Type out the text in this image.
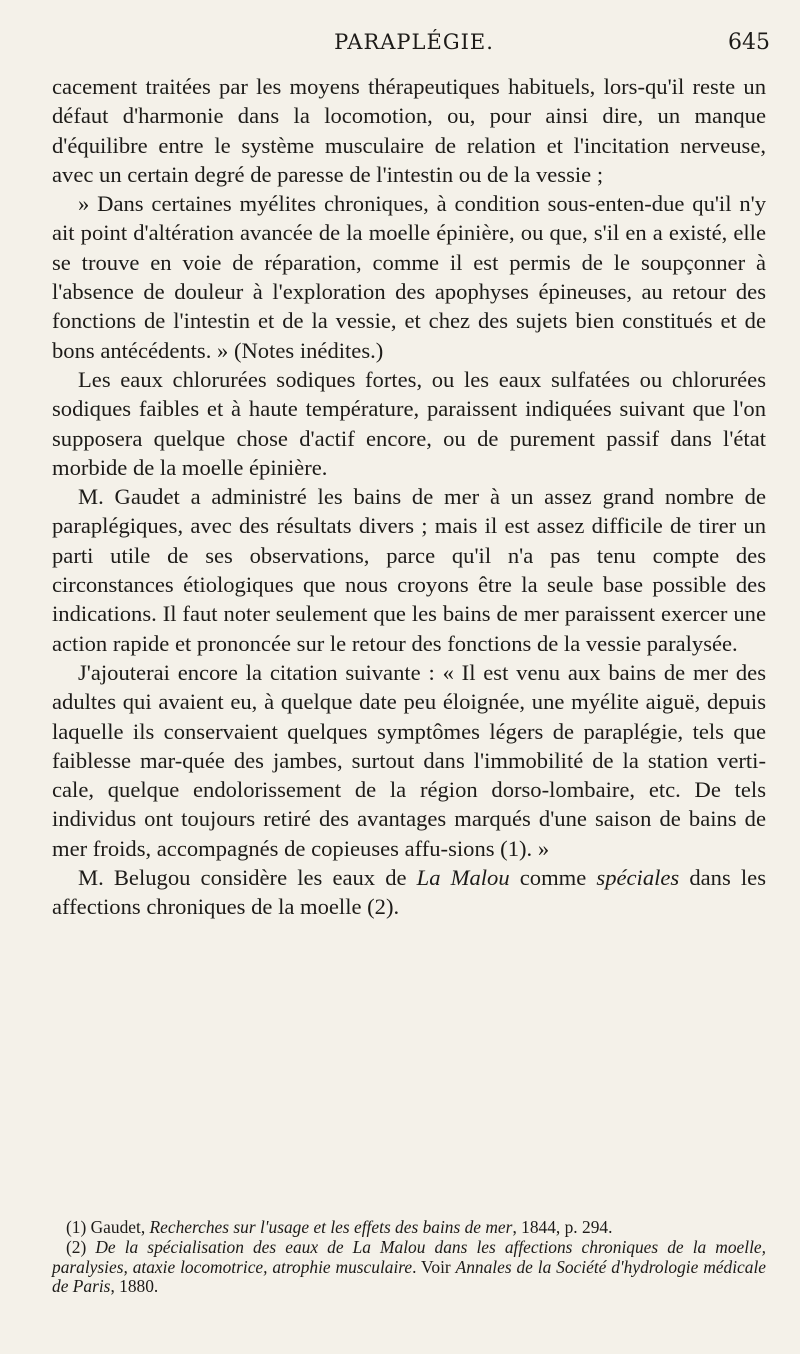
PARAPLÉGIE.	645

cacement traitées par les moyens thérapeutiques habituels, lors-qu'il reste un défaut d'harmonie dans la locomotion, ou, pour ainsi dire, un manque d'équilibre entre le système musculaire de relation et l'incitation nerveuse, avec un certain degré de paresse de l'intestin ou de la vessie ;

» Dans certaines myélites chroniques, à condition sous-enten-due qu'il n'y ait point d'altération avancée de la moelle épinière, ou que, s'il en a existé, elle se trouve en voie de réparation, comme il est permis de le soupçonner à l'absence de douleur à l'exploration des apophyses épineuses, au retour des fonctions de l'intestin et de la vessie, et chez des sujets bien constitués et de bons antécédents. » (Notes inédites.)

Les eaux chlorurées sodiques fortes, ou les eaux sulfatées ou chlorurées sodiques faibles et à haute température, paraissent indiquées suivant que l'on supposera quelque chose d'actif encore, ou de purement passif dans l'état morbide de la moelle épinière.

M. Gaudet a administré les bains de mer à un assez grand nombre de paraplégiques, avec des résultats divers ; mais il est assez difficile de tirer un parti utile de ses observations, parce qu'il n'a pas tenu compte des circonstances étiologiques que nous croyons être la seule base possible des indications. Il faut noter seulement que les bains de mer paraissent exercer une action rapide et prononcée sur le retour des fonctions de la vessie paralysée.

J'ajouterai encore la citation suivante : « Il est venu aux bains de mer des adultes qui avaient eu, à quelque date peu éloignée, une myélite aiguë, depuis laquelle ils conservaient quelques symptômes légers de paraplégie, tels que faiblesse mar-quée des jambes, surtout dans l'immobilité de la station verti-cale, quelque endolorissement de la région dorso-lombaire, etc. De tels individus ont toujours retiré des avantages marqués d'une saison de bains de mer froids, accompagnés de copieuses affu-sions (1). »

M. Belugou considère les eaux de La Malou comme spéciales dans les affections chroniques de la moelle (2).

(1) Gaudet, Recherches sur l'usage et les effets des bains de mer, 1844, p. 294.

(2) De la spécialisation des eaux de La Malou dans les affections chroniques de la moelle, paralysies, ataxie locomotrice, atrophie musculaire. Voir Annales de la Société d'hydrologie médicale de Paris, 1880.
